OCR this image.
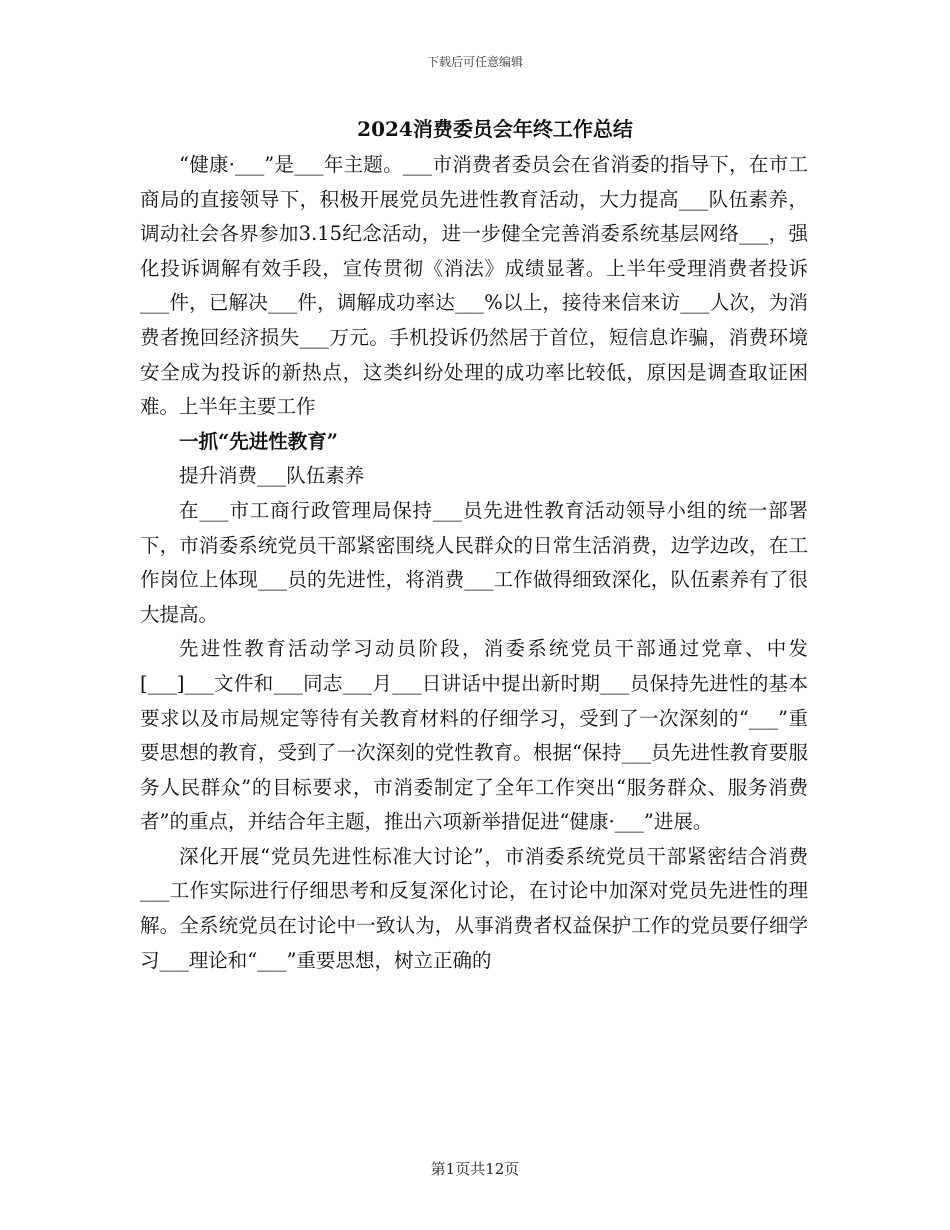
下载后可任意编辑
2024消费委员会年终工作总结

“健康·___”是___年主题。___市消费者委员会在省消委的指导下，在市工商局的直接领导下，积极开展党员先进性教育活动，大力提高___队伍素养，调动社会各界参加3.15纪念活动，进一步健全完善消委系统基层网络___，强化投诉调解有效手段，宣传贯彻《消法》成绩显著。上半年受理消费者投诉___件，已解决___件，调解成功率达___%以上，接待来信来访___人次，为消费者挽回经济损失___万元。手机投诉仍然居于首位，短信息诈骗，消费环境安全成为投诉的新热点，这类纠纷处理的成功率比较低，原因是调查取证困难。上半年主要工作

一抓“先进性教育”

提升消费___队伍素养

在___市工商行政管理局保持___员先进性教育活动领导小组的统一部署下，市消委系统党员干部紧密围绕人民群众的日常生活消费，边学边改，在工作岗位上体现___员的先进性，将消费___工作做得细致深化，队伍素养有了很大提高。

先进性教育活动学习动员阶段，消委系统党员干部通过党章、中发[___]___文件和___同志___月___日讲话中提出新时期___员保持先进性的基本要求以及市局规定等待有关教育材料的仔细学习，受到了一次深刻的“___”重要思想的教育，受到了一次深刻的党性教育。根据“保持___员先进性教育要服务人民群众”的目标要求，市消委制定了全年工作突出“服务群众、服务消费者”的重点，并结合年主题，推出六项新举措促进“健康·___”进展。

深化开展“党员先进性标准大讨论”，市消委系统党员干部紧密结合消费___工作实际进行仔细思考和反复深化讨论，在讨论中加深对党员先进性的理解。全系统党员在讨论中一致认为，从事消费者权益保护工作的党员要仔细学习___理论和“___”重要思想，树立正确的

第1页共12页
